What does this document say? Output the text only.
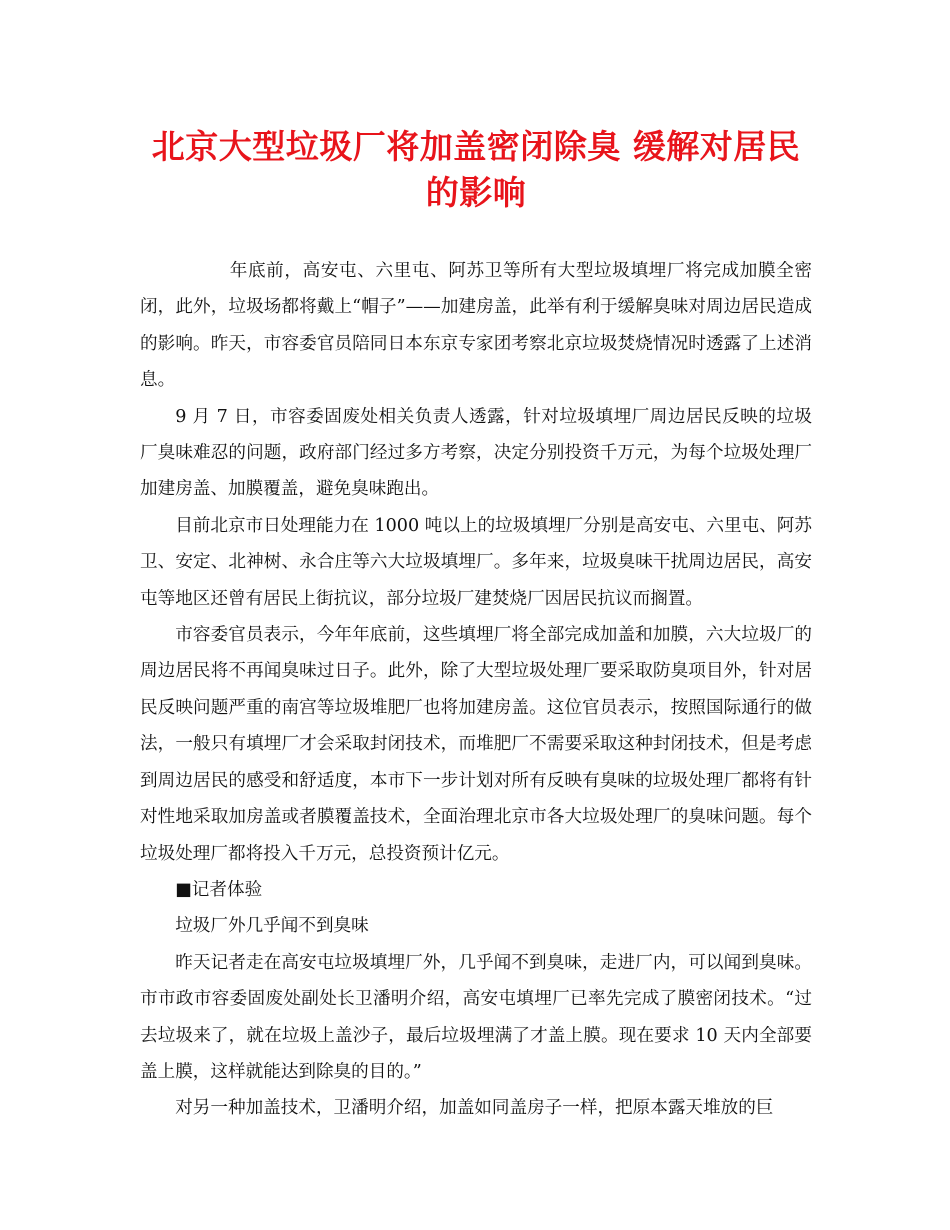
北京大型垃圾厂将加盖密闭除臭 缓解对居民的影响

年底前，高安屯、六里屯、阿苏卫等所有大型垃圾填埋厂将完成加膜全密闭，此外，垃圾场都将戴上“帽子”——加建房盖，此举有利于缓解臭味对周边居民造成的影响。昨天，市容委官员陪同日本东京专家团考察北京垃圾焚烧情况时透露了上述消息。

9 月 7 日，市容委固废处相关负责人透露，针对垃圾填埋厂周边居民反映的垃圾厂臭味难忍的问题，政府部门经过多方考察，决定分别投资千万元，为每个垃圾处理厂加建房盖、加膜覆盖，避免臭味跑出。

目前北京市日处理能力在 1000 吨以上的垃圾填埋厂分别是高安屯、六里屯、阿苏卫、安定、北神树、永合庄等六大垃圾填埋厂。多年来，垃圾臭味干扰周边居民，高安屯等地区还曾有居民上街抗议，部分垃圾厂建焚烧厂因居民抗议而搁置。

市容委官员表示，今年年底前，这些填埋厂将全部完成加盖和加膜，六大垃圾厂的周边居民将不再闻臭味过日子。此外，除了大型垃圾处理厂要采取防臭项目外，针对居民反映问题严重的南宫等垃圾堆肥厂也将加建房盖。这位官员表示，按照国际通行的做法，一般只有填埋厂才会采取封闭技术，而堆肥厂不需要采取这种封闭技术，但是考虑到周边居民的感受和舒适度，本市下一步计划对所有反映有臭味的垃圾处理厂都将有针对性地采取加房盖或者膜覆盖技术，全面治理北京市各大垃圾处理厂的臭味问题。每个垃圾处理厂都将投入千万元，总投资预计亿元。

■记者体验

垃圾厂外几乎闻不到臭味

昨天记者走在高安屯垃圾填埋厂外，几乎闻不到臭味，走进厂内，可以闻到臭味。市市政市容委固废处副处长卫潘明介绍，高安屯填埋厂已率先完成了膜密闭技术。“过去垃圾来了，就在垃圾上盖沙子，最后垃圾埋满了才盖上膜。现在要求 10 天内全部要盖上膜，这样就能达到除臭的目的。”

对另一种加盖技术，卫潘明介绍，加盖如同盖房子一样，把原本露天堆放的巨
